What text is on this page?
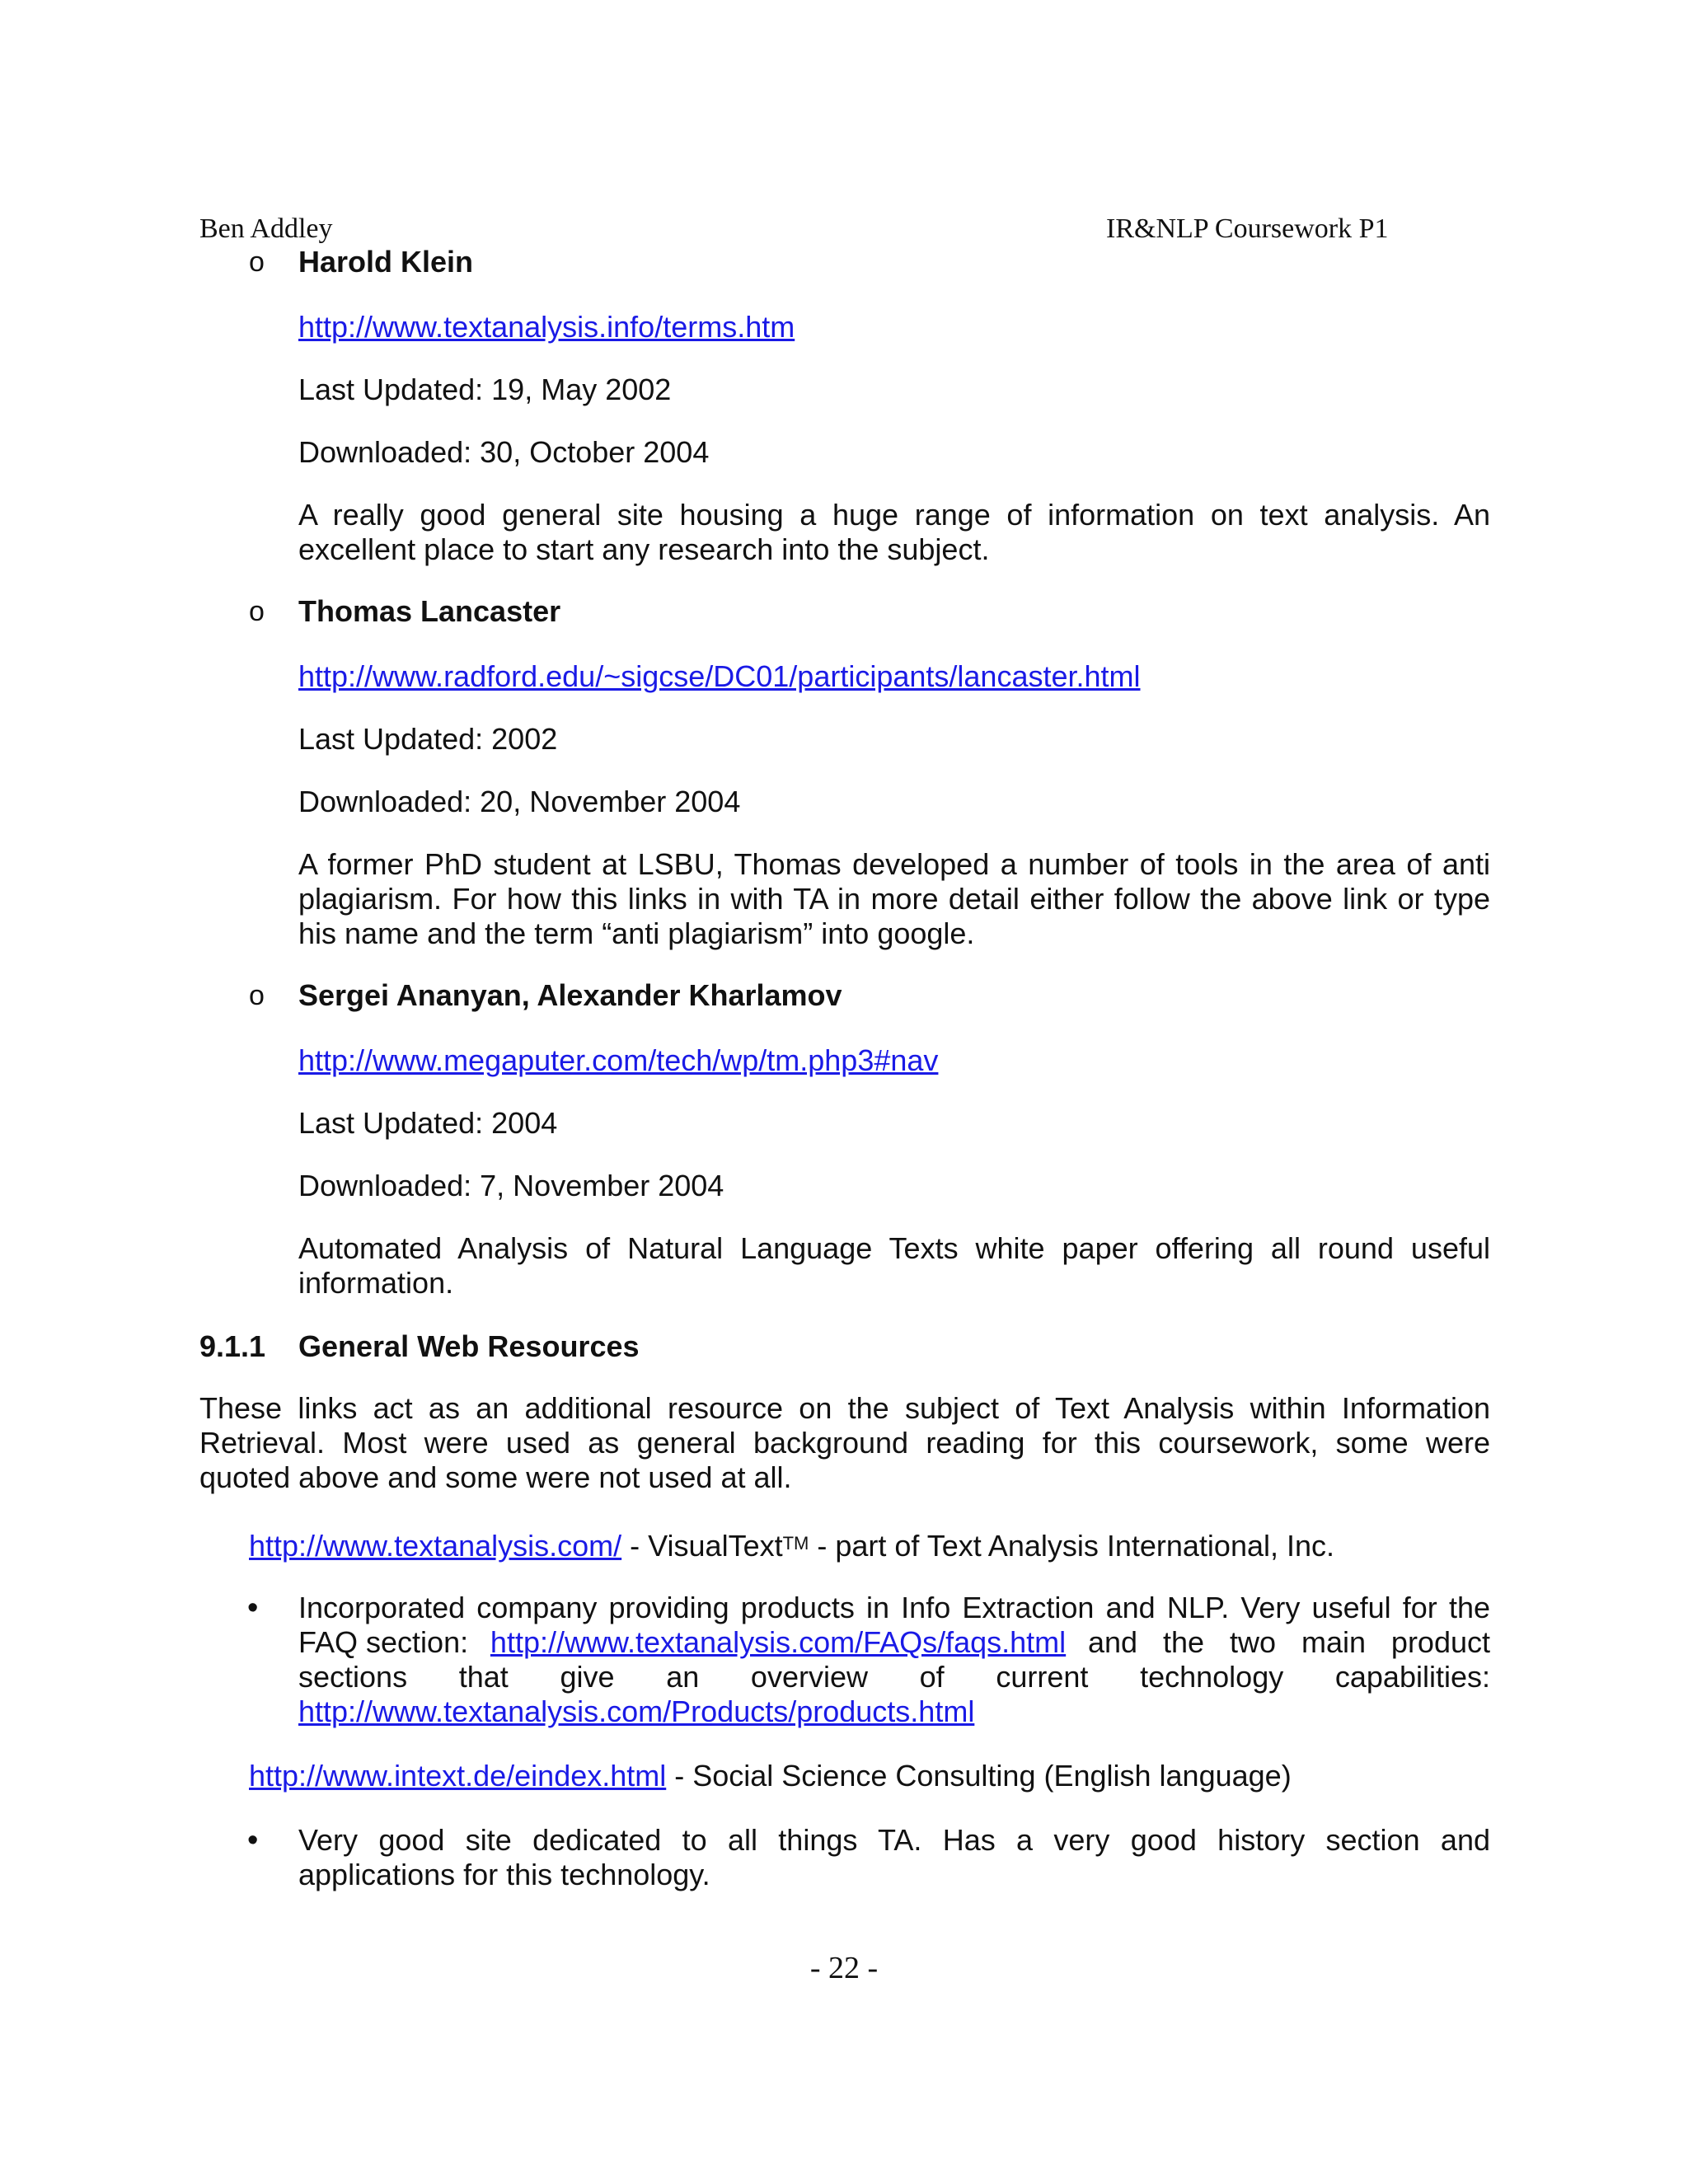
Ben Addley	IR&NLP Coursework P1
o Harold Klein
http://www.textanalysis.info/terms.htm
Last Updated: 19, May 2002
Downloaded: 30, October 2004
A really good general site housing a huge range of information on text analysis. An
excellent place to start any research into the subject.
o Thomas Lancaster
http://www.radford.edu/~sigcse/DC01/participants/lancaster.html
Last Updated: 2002
Downloaded: 20, November 2004
A former PhD student at LSBU, Thomas developed a number of tools in the area of anti
plagiarism. For how this links in with TA in more detail either follow the above link or type
his name and the term “anti plagiarism” into google.
o Sergei Ananyan, Alexander Kharlamov
http://www.megaputer.com/tech/wp/tm.php3#nav
Last Updated: 2004
Downloaded: 7, November 2004
Automated Analysis of Natural Language Texts white paper offering all round useful
information.
9.1.1 General Web Resources
These links act as an additional resource on the subject of Text Analysis within Information
Retrieval. Most were used as general background reading for this coursework, some were
quoted above and some were not used at all.
http://www.textanalysis.com/ - VisualText™ - part of Text Analysis International, Inc.
• Incorporated company providing products in Info Extraction and NLP. Very useful for the
FAQ section: http://www.textanalysis.com/FAQs/faqs.html and the two main product
sections that give an overview of current technology capabilities:
http://www.textanalysis.com/Products/products.html
http://www.intext.de/eindex.html - Social Science Consulting (English language)
• Very good site dedicated to all things TA. Has a very good history section and
applications for this technology.
- 22 -
